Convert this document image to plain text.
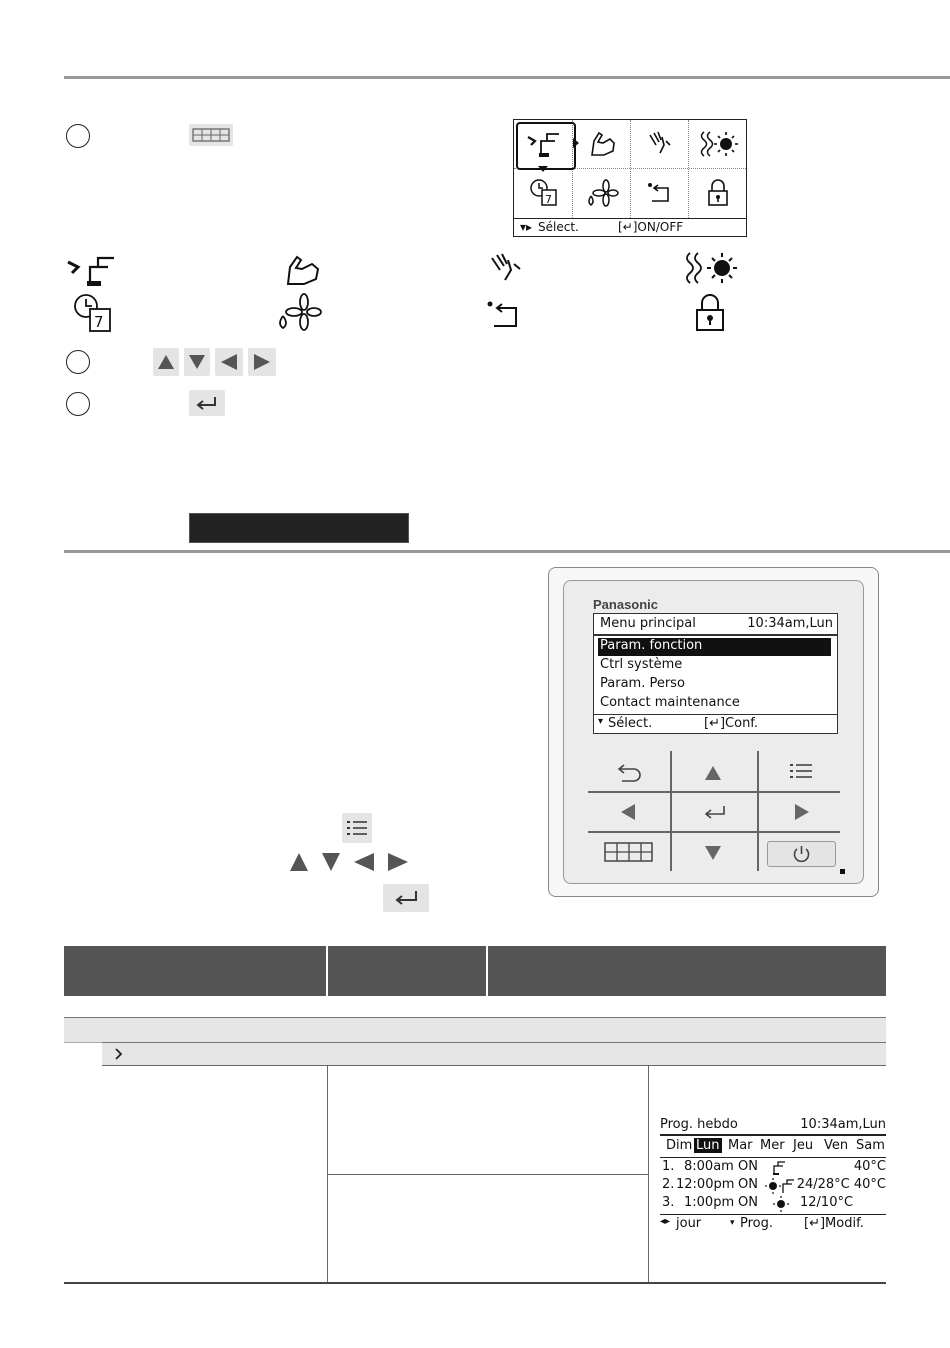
7
▾▸ Sélect.	[↵]ON/OFF
7
Panasonic
Menu principal	10:34am,Lun
Param. fonction
Ctrl système
Param. Perso
Contact maintenance
▾ Sélect.	[↵]Conf.
Prog. hebdo	10:34am,Lun
Dim Lun Mar Mer Jeu Ven Sam
1. 8:00am ON	40°C
2. 12:00pm ON	24/28°C 40°C
3. 1:00pm ON	12/10°C
◂▸ jour	▾ Prog. [↵]Modif.
